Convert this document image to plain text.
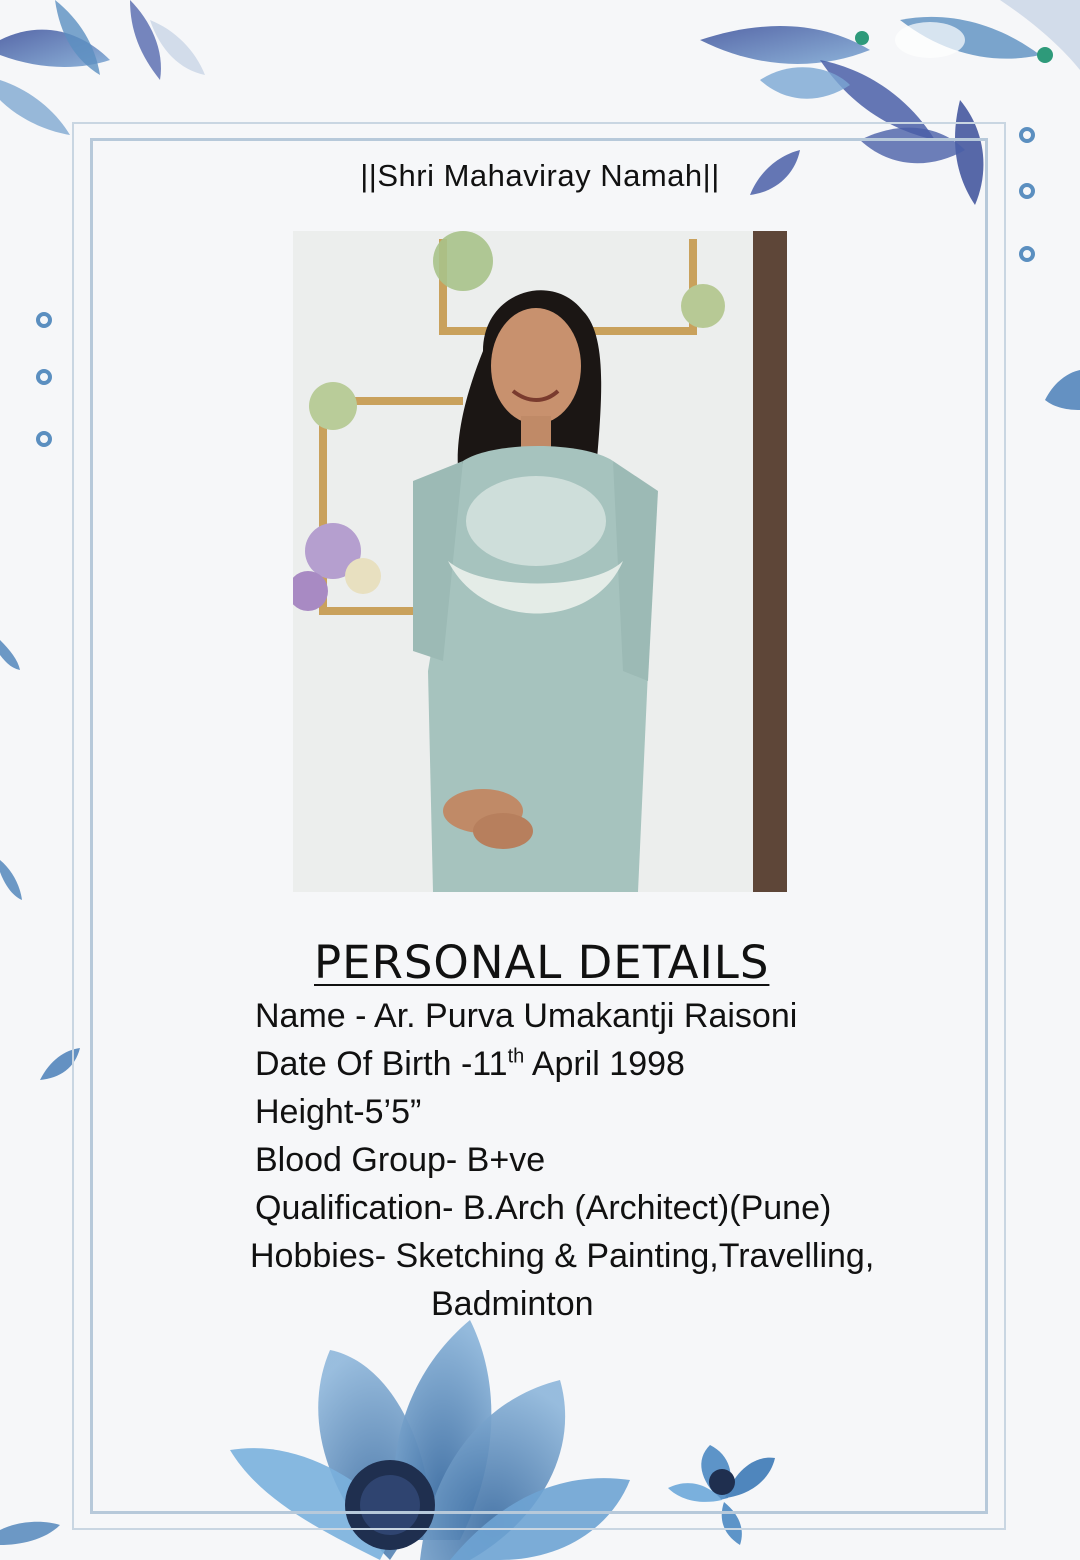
||Shri Mahaviray Namah||
PERSONAL DETAILS
Name - Ar. Purva Umakantji Raisoni
Date Of Birth -11th April 1998
Height-5’5”
Blood Group- B+ve
Qualification- B.Arch (Architect)(Pune)
Hobbies- Sketching & Painting,Travelling,
Badminton
